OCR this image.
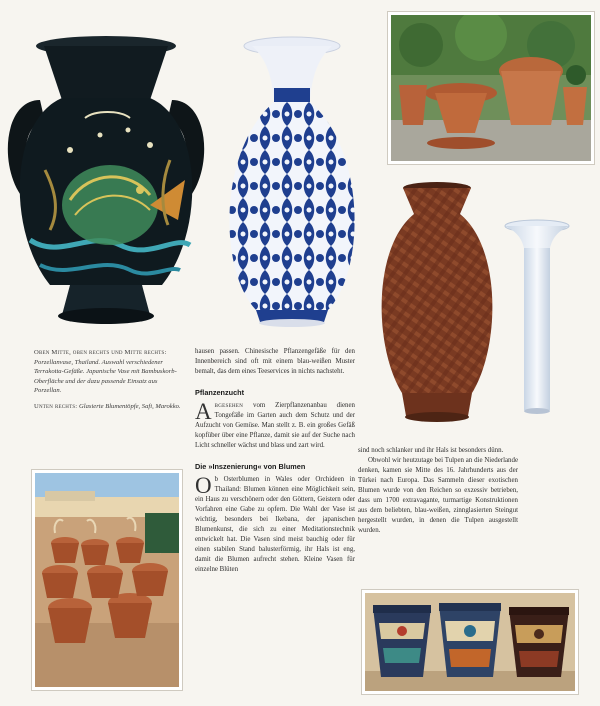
Oben Mitte, oben rechts und Mitte rechts: Porzellanvase, Thailand. Auswahl verschiedener Terrakotta-Gefäße. Japanische Vase mit Bambuskorb-Oberfläche und der dazu passende Einsatz aus Porzellan.

Unten rechts: Glasierte Blumentöpfe, Safi, Marokko.

hausen passen. Chinesische Pflanzengefäße für den Innenbereich sind oft mit einem blau-weißen Muster bemalt, das dem eines Teeservices in nichts nachsteht.

Pflanzenzucht

A bgesehen vom Zierpflanzenanbau dienen Tongefäße im Garten auch dem Schutz und der Aufzucht von Gemüse. Man stellt z. B. ein großes Gefäß kopfüber über eine Pflanze, damit sie auf der Suche nach Licht schneller wächst und blass und zart wird.

Die »Inszenierung« von Blumen

O b Osterblumen in Wales oder Orchideen in Thailand: Blumen können eine Möglichkeit sein, ein Haus zu verschönern oder den Göttern, Geistern oder Vorfahren eine Gabe zu opfern. Die Wahl der Vase ist wichtig, besonders bei Ikebana, der japanischen Blumenkunst, die sich zu einer Meditationstechnik entwickelt hat. Die Vasen sind meist bauchig oder für einen stabilen Stand balusterförmig, ihr Hals ist eng, damit die Blumen aufrecht stehen. Kleine Vasen für einzelne Blüten

sind noch schlanker und ihr Hals ist besonders dünn.

Obwohl wir heutzutage bei Tulpen an die Niederlande denken, kamen sie Mitte des 16. Jahrhunderts aus der Türkei nach Europa. Das Sammeln dieser exotischen Blumen wurde von den Reichen so exzessiv betrieben, dass um 1700 extravagante, turmartige Konstruktionen aus dem beliebten, blau-weißen, zinnglasierten Steingut hergestellt wurden, in denen die Tulpen ausgestellt wurden.
